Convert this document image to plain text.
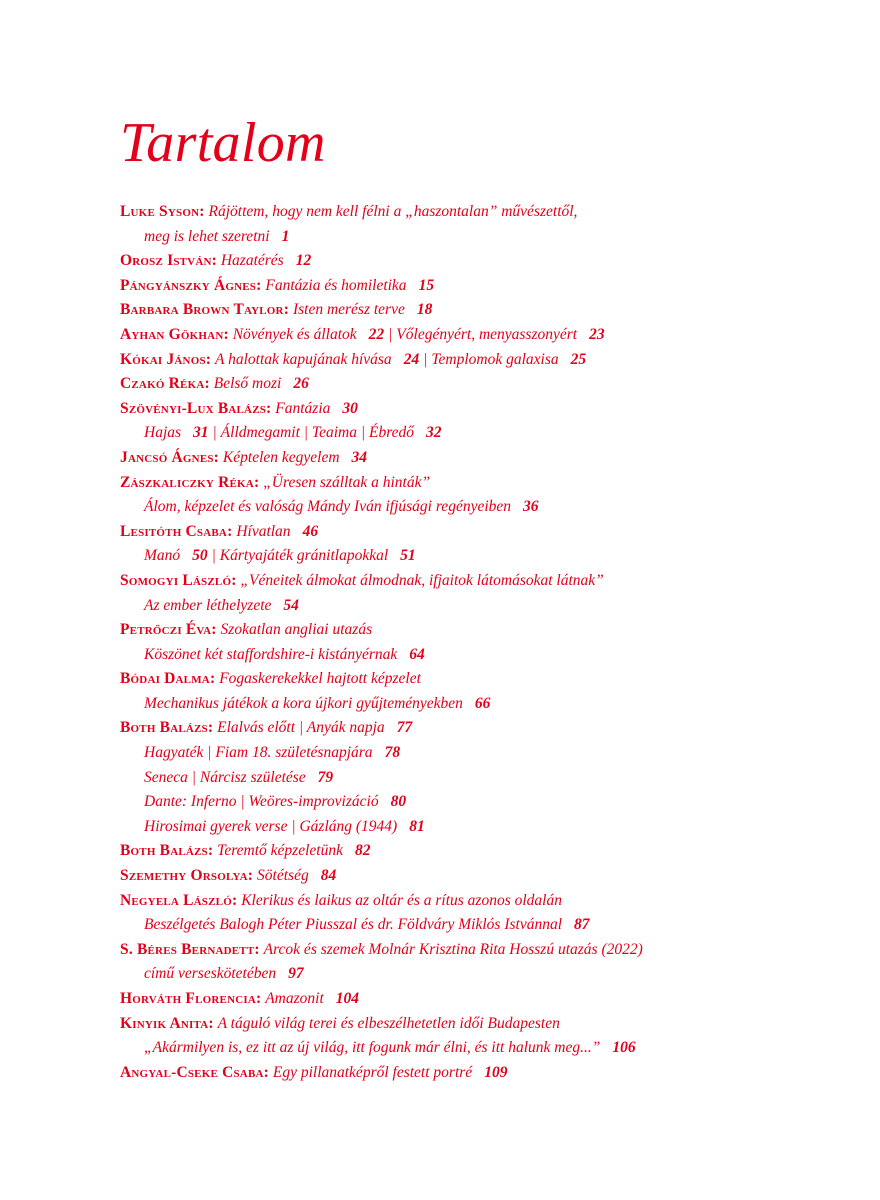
Tartalom
Luke Syson: Rájöttem, hogy nem kell félni a „haszontalan” művészettől,
meg is lehet szeretni 1
Orosz István: Hazatérés 12
Pángyánszky Ágnes: Fantázia és homiletika 15
Barbara Brown Taylor: Isten merész terve 18
Ayhan Gökhan: Növények és állatok 22 | Vőlegényért, menyasszonyért 23
Kókai János: A halottak kapujának hívása 24 | Templomok galaxisa 25
Czakó Réka: Belső mozi 26
Szövényi-Lux Balázs: Fantázia 30
Hajas 31 | Álldmegamit | Teaima | Ébredő 32
Jancsó Ágnes: Képtelen kegyelem 34
Zászkaliczky Réka: „Üresen szálltak a hinták”
Álom, képzelet és valóság Mándy Iván ifjúsági regényeiben 36
Lesitóth Csaba: Hívatlan 46
Manó 50 | Kártyajáték gránitlapokkal 51
Somogyi László: „Véneitek álmokat álmodnak, ifjaitok látomásokat látnak”
Az ember léthelyzete 54
Petrőczi Éva: Szokatlan angliai utazás
Köszönet két staffordshire-i kistányérnak 64
Bódai Dalma: Fogaskerekekkel hajtott képzelet
Mechanikus játékok a kora újkori gyűjteményekben 66
Both Balázs: Elalvás előtt | Anyák napja 77
Hagyaték | Fiam 18. születésnapjára 78
Seneca | Nárcisz születése 79
Dante: Inferno | Weöres-improvizáció 80
Hirosimai gyerek verse | Gázláng (1944) 81
Both Balázs: Teremtő képzeletünk 82
Szemethy Orsolya: Sötétség 84
Negyela László: Klerikus és laikus az oltár és a rítus azonos oldalán
Beszélgetés Balogh Péter Piusszal és dr. Földváry Miklós Istvánnal 87
S. Béres Bernadett: Arcok és szemek Molnár Krisztina Rita Hosszú utazás (2022)
című verseskötetében 97
Horváth Florencia: Amazonit 104
Kinyik Anita: A táguló világ terei és elbeszélhetetlen idői Budapesten
„Akármilyen is, ez itt az új világ, itt fogunk már élni, és itt halunk meg...” 106
Angyal-Cseke Csaba: Egy pillanatképről festett portré 109
